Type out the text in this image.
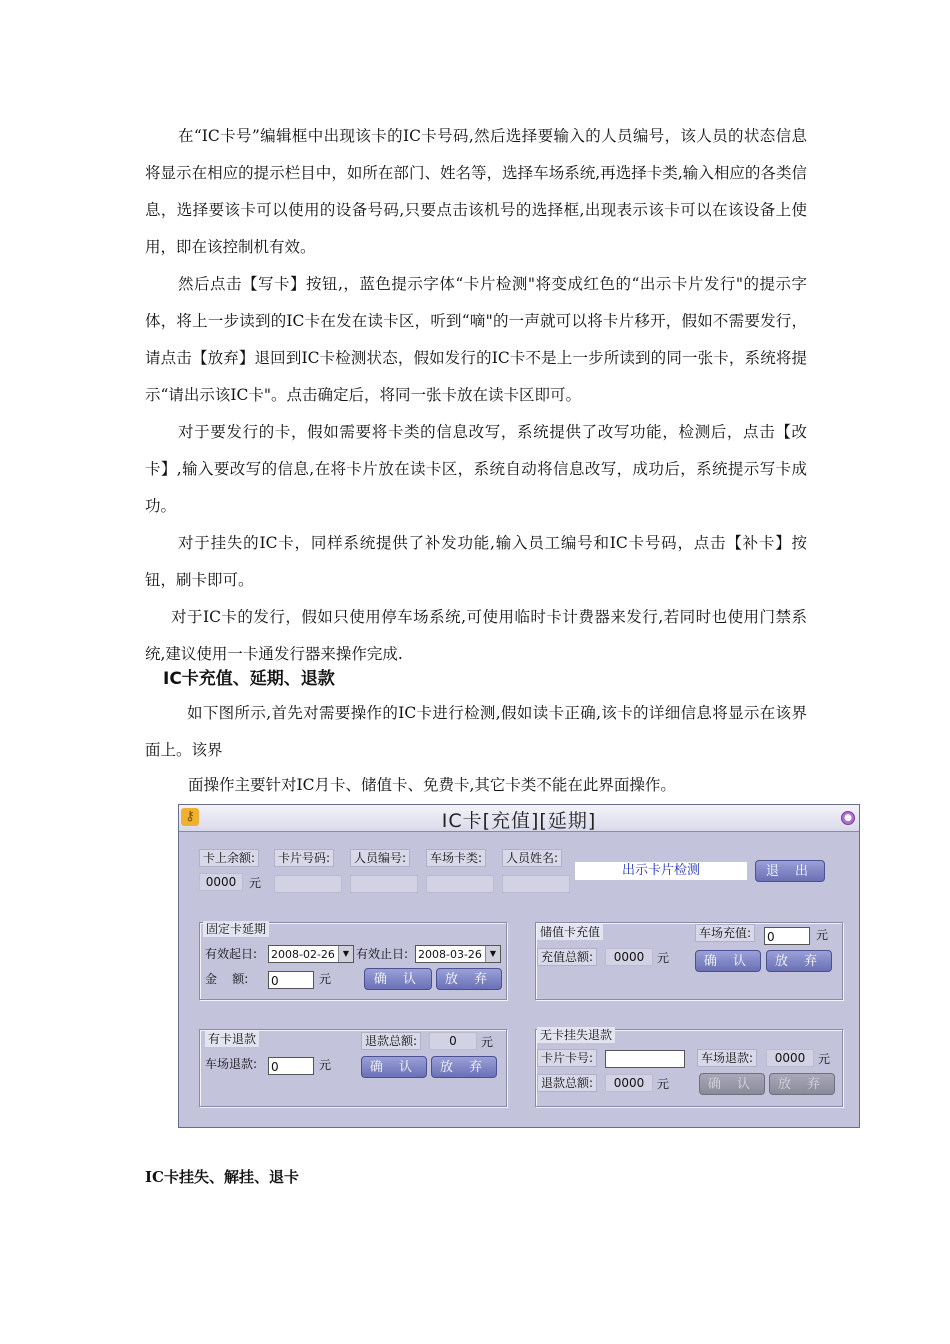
在“IC卡号”编辑框中出现该卡的IC卡号码,然后选择要输入的人员编号，该人员的状态信息将显示在相应的提示栏目中，如所在部门、姓名等，选择车场系统,再选择卡类,输入相应的各类信息，选择要该卡可以使用的设备号码,只要点击该机号的选择框,出现表示该卡可以在该设备上使用，即在该控制机有效。

然后点击【写卡】按钮,，蓝色提示字体“卡片检测"将变成红色的“出示卡片发行"的提示字体，将上一步读到的IC卡在发在读卡区，听到“嘀"的一声就可以将卡片移开，假如不需要发行，请点击【放弃】退回到IC卡检测状态，假如发行的IC卡不是上一步所读到的同一张卡，系统将提示“请出示该IC卡"。点击确定后，将同一张卡放在读卡区即可。

对于要发行的卡，假如需要将卡类的信息改写，系统提供了改写功能，检测后，点击【改卡】,输入要改写的信息,在将卡片放在读卡区，系统自动将信息改写，成功后，系统提示写卡成功。

对于挂失的IC卡，同样系统提供了补发功能,输入员工编号和IC卡号码，点击【补卡】按钮，刷卡即可。

对于IC卡的发行，假如只使用停车场系统,可使用临时卡计费器来发行,若同时也使用门禁系统,建议使用一卡通发行器来操作完成.

IC卡充值、延期、退款

如下图所示,首先对需要操作的IC卡进行检测,假如读卡正确,该卡的详细信息将显示在该界面上。该界

面操作主要针对IC月卡、储值卡、免费卡,其它卡类不能在此界面操作。

⚷	IC卡[充值][延期]	●
卡上余额:
0000	元
卡片号码:	人员编号:	车场卡类:	人员姓名:
出示卡片检测	退 出
固定卡延期
有效起日: 2008-02-26 ▼ 有效止日: 2008-03-26 ▼
金    额: 0	元	确 认	放 弃
储值卡充值	车场充值:	0	元
充值总额:	0000	元	确 认	放 弃
有卡退款	退款总额:	0	元
车场退款: 0	元	确 认	放 弃
无卡挂失退款
卡片卡号:	车场退款:	0000	元
退款总额:	0000	元	确 认	放 弃
IC卡挂失、解挂、退卡
